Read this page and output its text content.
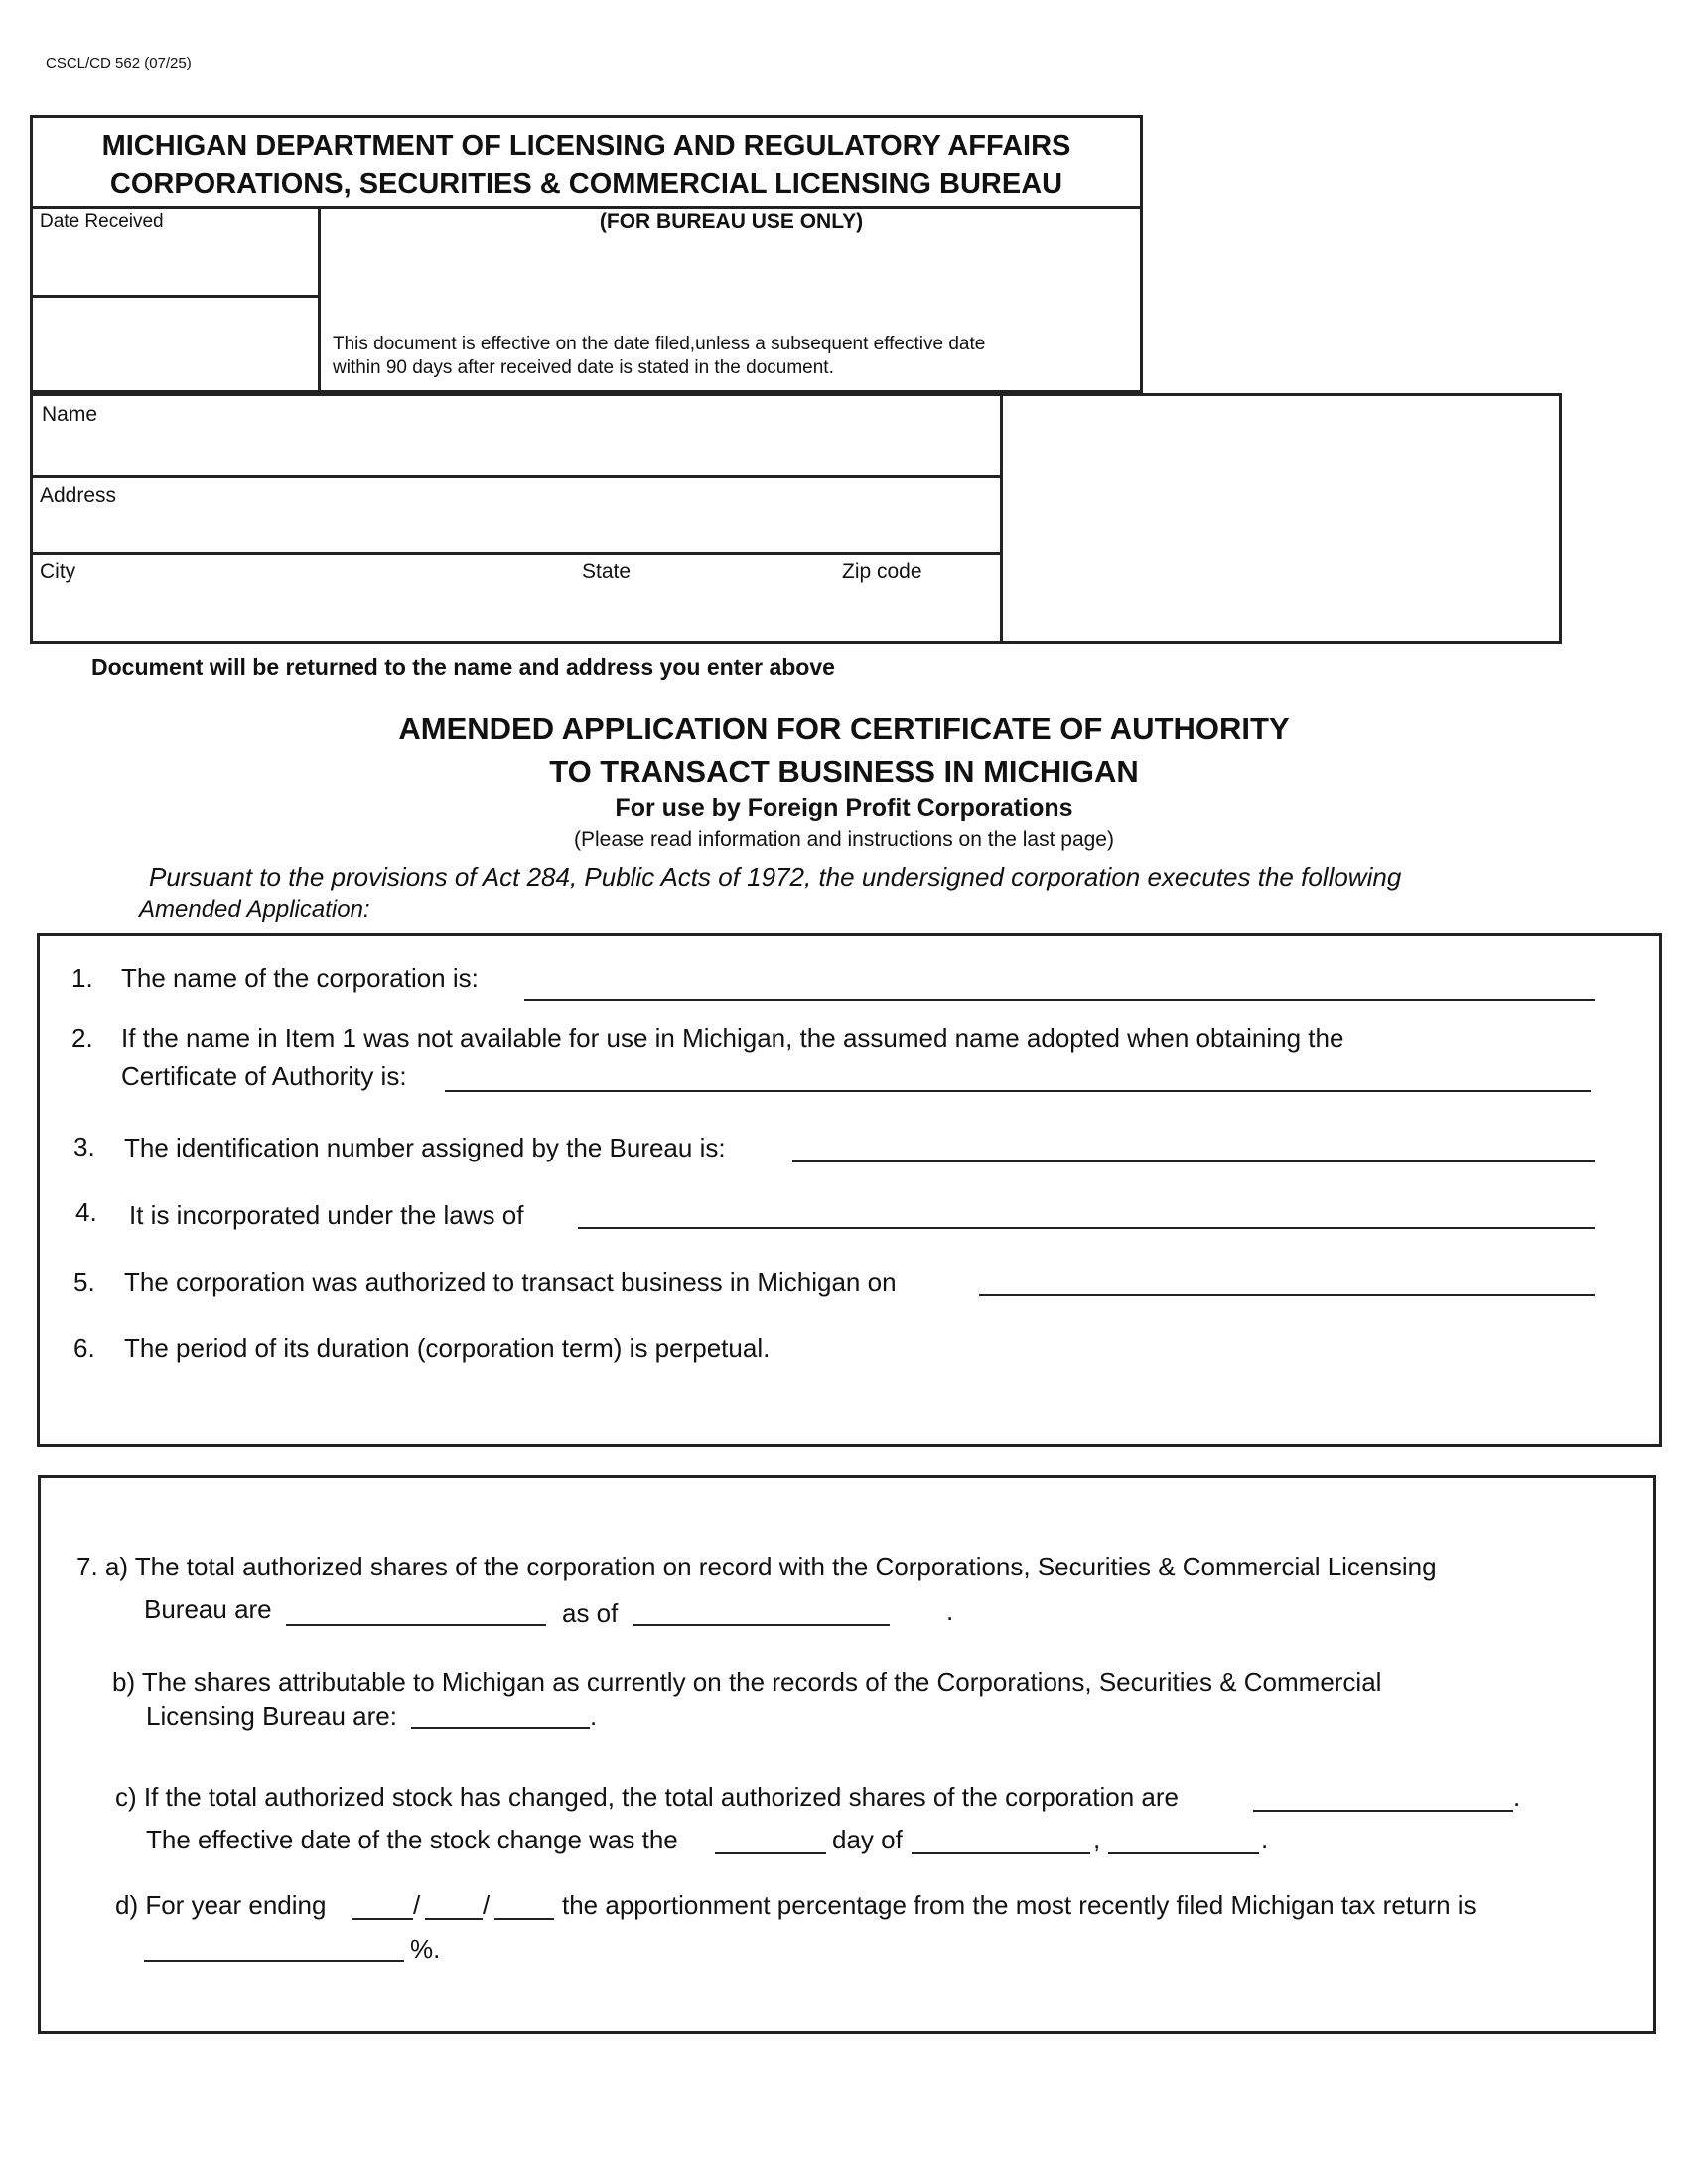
CSCL/CD 562 (07/25)
MICHIGAN DEPARTMENT OF LICENSING AND REGULATORY AFFAIRS
CORPORATIONS, SECURITIES & COMMERCIAL LICENSING BUREAU
Date Received	(FOR BUREAU USE ONLY)
This document is effective on the date filed,unless a subsequent effective date
within 90 days after received date is stated in the document.
Name
Address
City	State	Zip code
Document will be returned to the name and address you enter above
AMENDED APPLICATION FOR CERTIFICATE OF AUTHORITY
TO TRANSACT BUSINESS IN MICHIGAN
For use by Foreign Profit Corporations
(Please read information and instructions on the last page)
Pursuant to the provisions of Act 284, Public Acts of 1972, the undersigned corporation executes the following
Amended Application:
1. The name of the corporation is:
2. If the name in Item 1 was not available for use in Michigan, the assumed name adopted when obtaining the
Certificate of Authority is:
3. The identification number assigned by the Bureau is:
4. It is incorporated under the laws of
5. The corporation was authorized to transact business in Michigan on
6. The period of its duration (corporation term) is perpetual.
7. a) The total authorized shares of the corporation on record with the Corporations, Securities & Commercial Licensing
Bureau are	as of	.
b) The shares attributable to Michigan as currently on the records of the Corporations, Securities & Commercial
Licensing Bureau are:	.
c) If the total authorized stock has changed, the total authorized shares of the corporation are	.
The effective date of the stock change was the	day of	,	.
d) For year ending	/ /	the apportionment percentage from the most recently filed Michigan tax return is
%.
